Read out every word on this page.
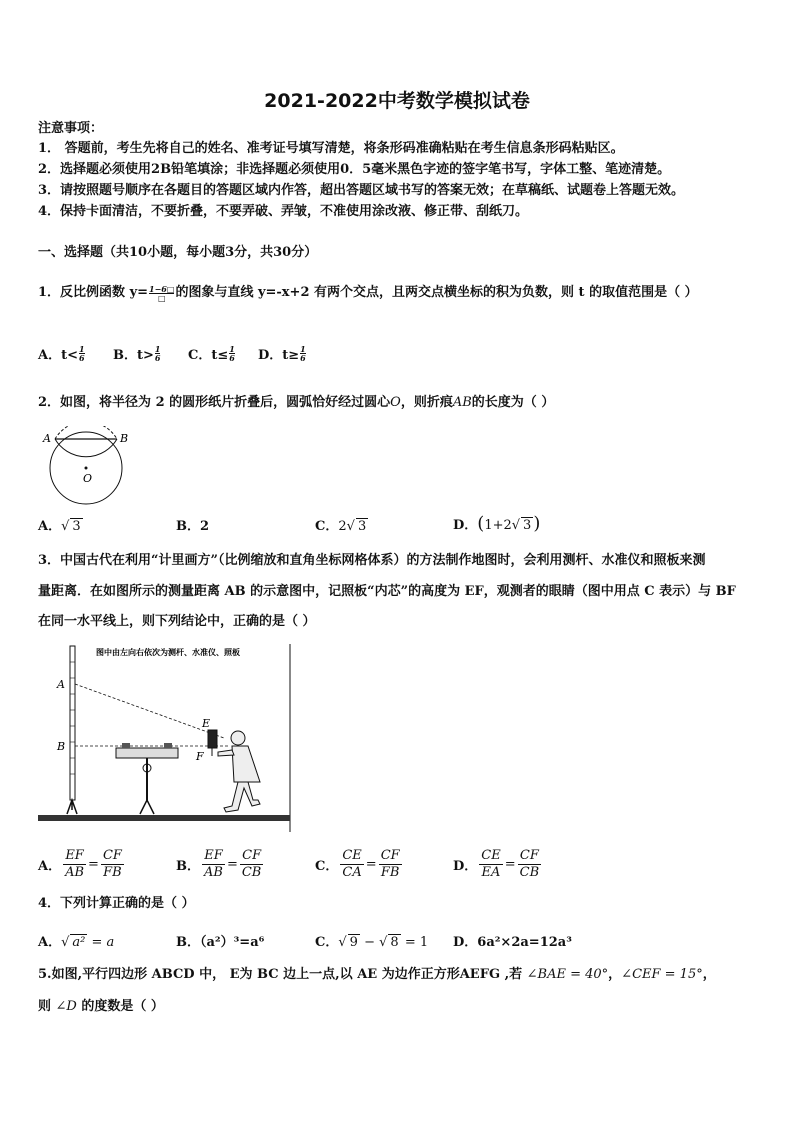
2021-2022中考数学模拟试卷
注意事项：
1． 答题前，考生先将自己的姓名、准考证号填写清楚，将条形码准确粘贴在考生信息条形码粘贴区。
2．选择题必须使用2B铅笔填涂；非选择题必须使用0．5毫米黑色字迹的签字笔书写，字体工整、笔迹清楚。
3．请按照题号顺序在各题目的答题区域内作答，超出答题区域书写的答案无效；在草稿纸、试题卷上答题无效。
4．保持卡面清洁，不要折叠，不要弄破、弄皱，不准使用涂改液、修正带、刮纸刀。
一、选择题（共10小题，每小题3分，共30分）
1．反比例函数 $y= \frac{1-6□}{□}$ 的图象与直线 y=-x+2 有两个交点，且两交点横坐标的积为负数，则 t 的取值范围是（ ）
A．$t< \frac{1}{6}$ B．$t> \frac{1}{6}$ C．$t\le \frac{1}{6}$ D．$t\ge \frac{1}{6}$
2．如图，将半径为 2 的圆形纸片折叠后，圆弧恰好经过圆心O，则折痕AB的长度为（ ）
A	B
O
A．√ 3	B．2	C．2√ 3	D．(1+2√ 3 )
3．中国古代在利用“计里画方”（比例缩放和直角坐标网格体系）的方法制作地图时，会利用测杆、水准仪和照板来测
量距离．在如图所示的测量距离 AB 的示意图中，记照板“内芯”的高度为 EF，观测者的眼睛（图中用点 C 表示）与 BF
在同一水平线上，则下列结论中，正确的是（ ）
图中由左向右依次为测杆、水准仪、照板
A
B
E
F
A． $\frac{EF}{AB} = \frac{CF}{FB}$	B． $\frac{EF}{AB} = \frac{CF}{CB}$	C． $\frac{CE}{CA} = \frac{CF}{FB}$	D． $\frac{CE}{EA} = \frac{CF}{CB}$
4．下列计算正确的是（ ）
A．√ a² = a	B．（a²）³=a⁶	C．√ 9 − √ 8 = 1 D．6a²×2a=12a³
5.如图,平行四边形 ABCD 中， E为 BC 边上一点,以 AE 为边作正方形AEFG ,若 ∠BAE = 40°，∠CEF = 15°，
则 ∠D 的度数是（ ）
